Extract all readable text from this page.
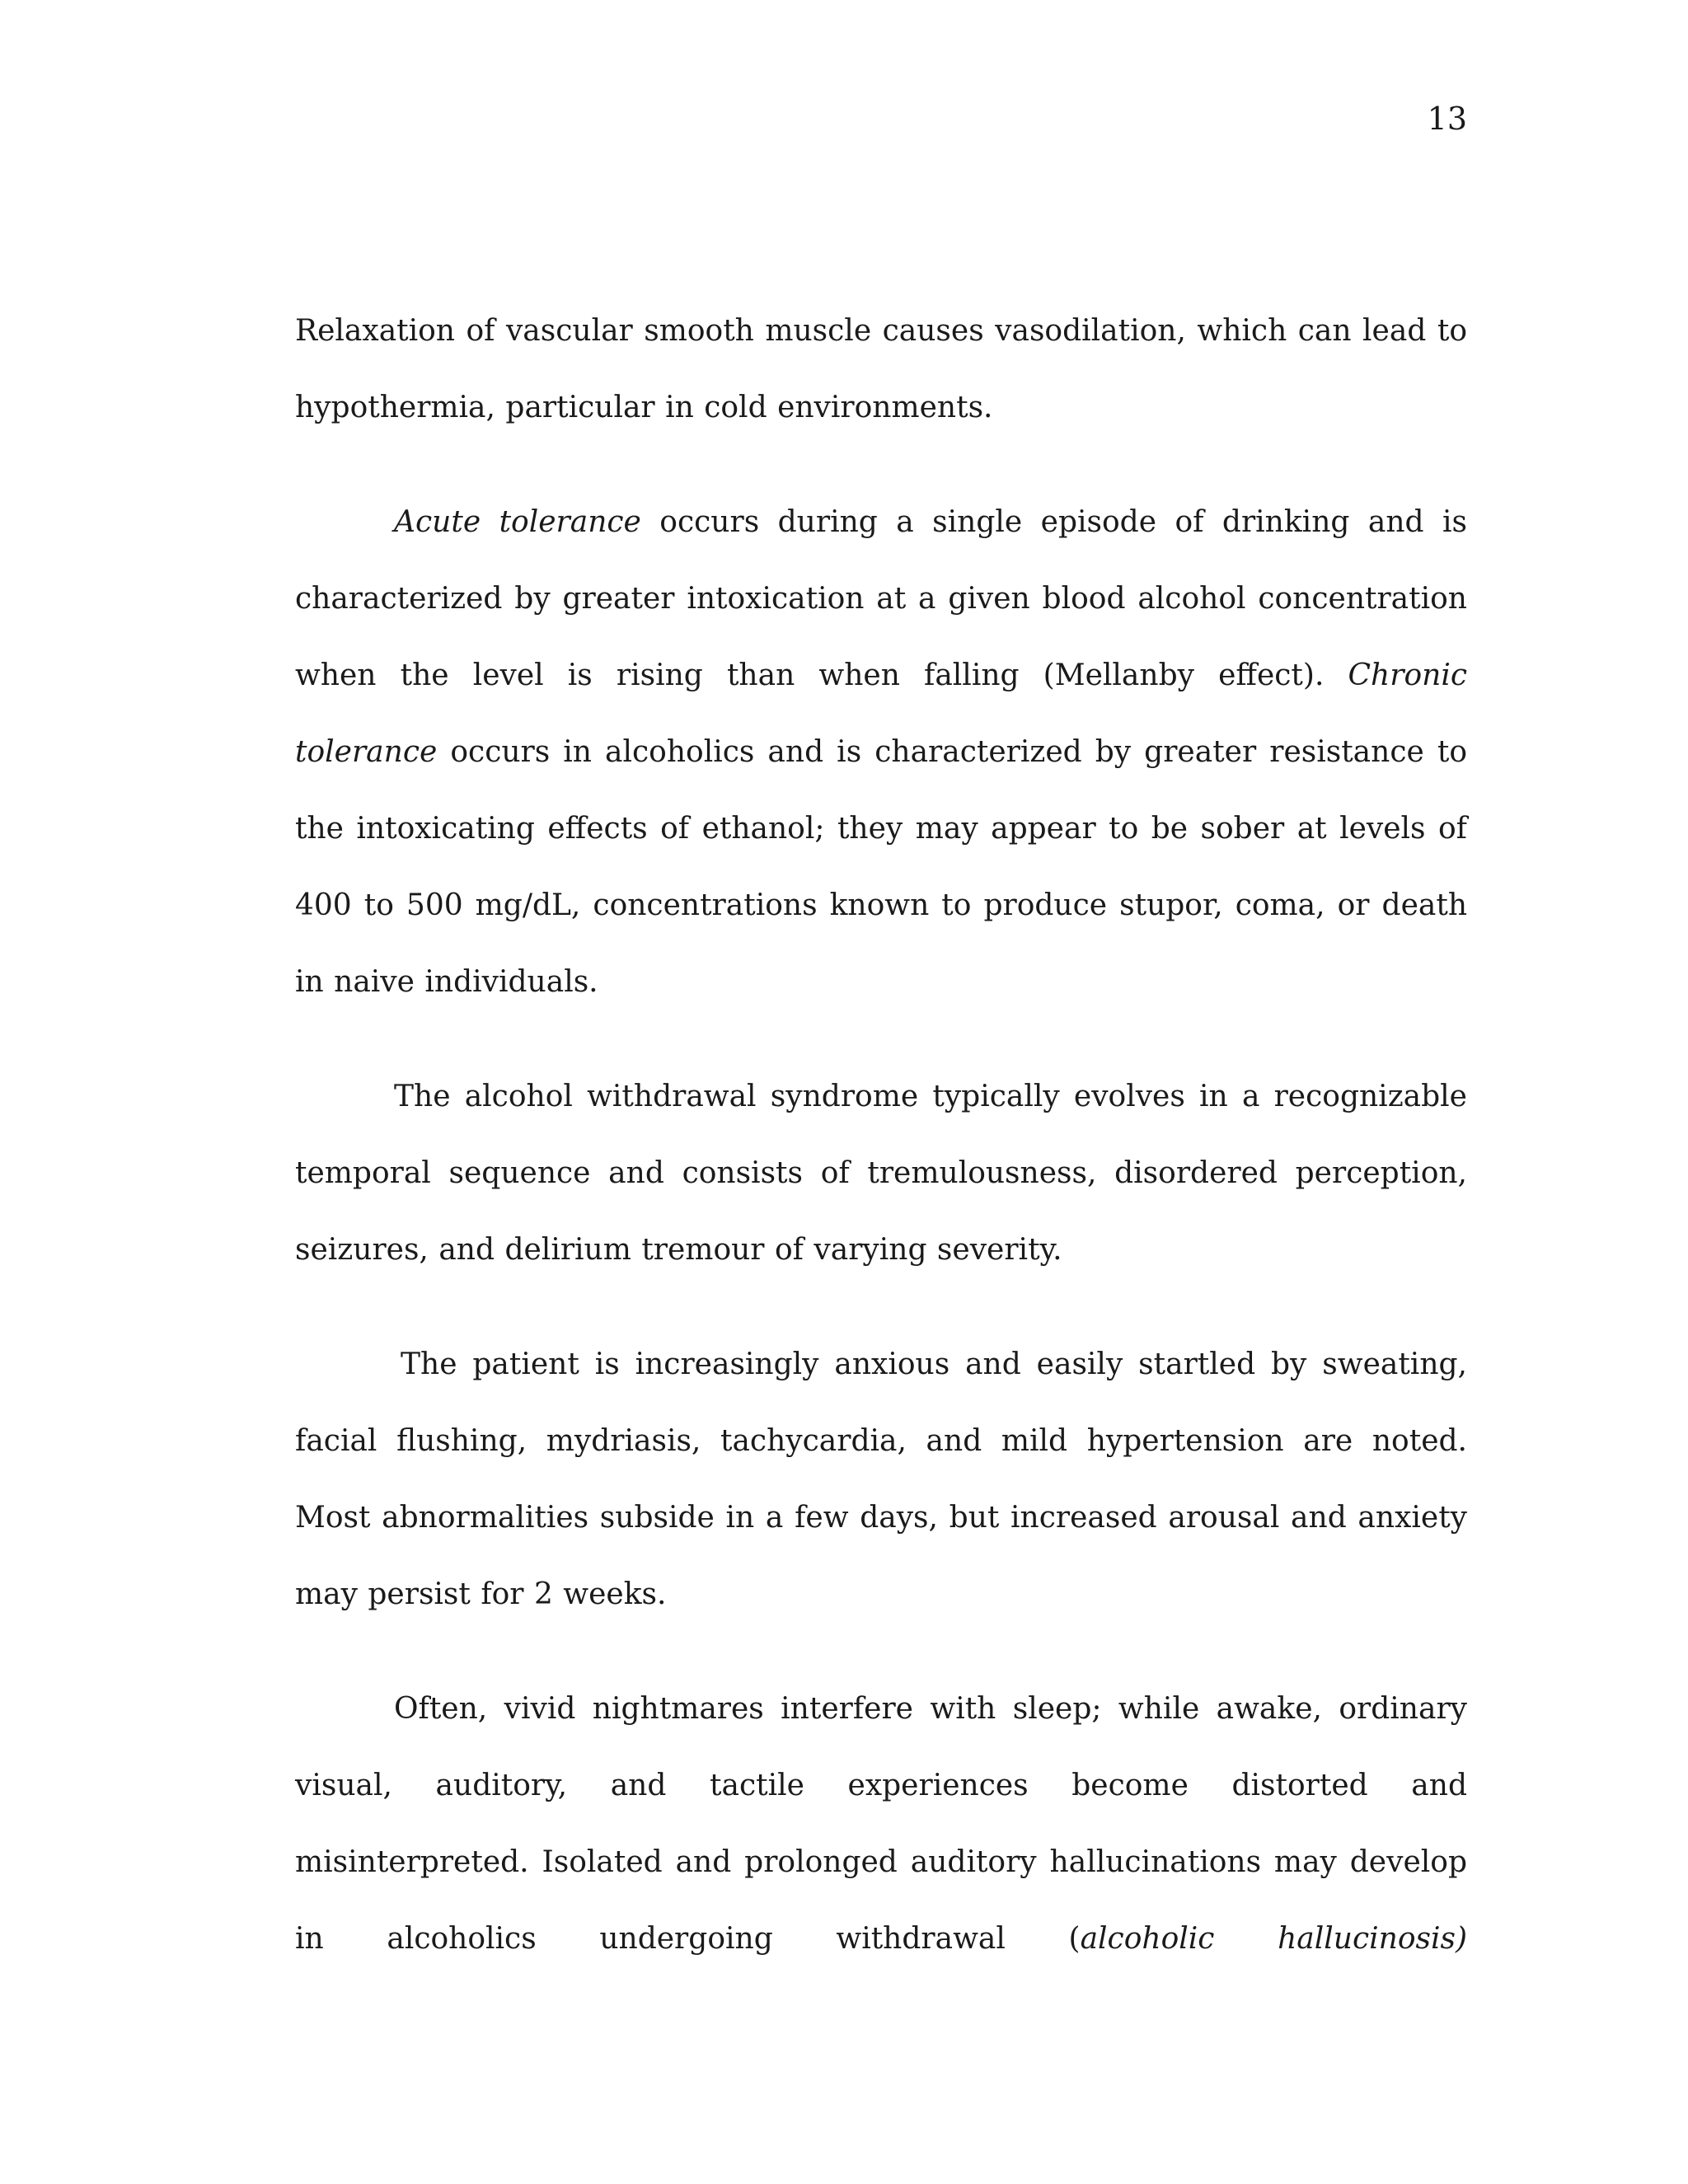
13

Relaxation of vascular smooth muscle causes vasodilation, which can lead to hypothermia, particular in cold environments.

Acute tolerance occurs during a single episode of drinking and is characterized by greater intoxication at a given blood alcohol concentration when the level is rising than when falling (Mellanby effect). Chronic tolerance occurs in alcoholics and is characterized by greater resistance to the intoxicating effects of ethanol; they may appear to be sober at levels of 400 to 500 mg/dL, concentrations known to produce stupor, coma, or death in naive individuals.

The alcohol withdrawal syndrome typically evolves in a recognizable temporal sequence and consists of tremulousness, disordered perception, seizures, and delirium tremour of varying severity.

The patient is increasingly anxious and easily startled by sweating, facial flushing, mydriasis, tachycardia, and mild hypertension are noted. Most abnormalities subside in a few days, but increased arousal and anxiety may persist for 2 weeks.

Often, vivid nightmares interfere with sleep; while awake, ordinary visual, auditory, and tactile experiences become distorted and misinterpreted. Isolated and prolonged auditory hallucinations may develop in alcoholics undergoing withdrawal (alcoholic hallucinosis)
